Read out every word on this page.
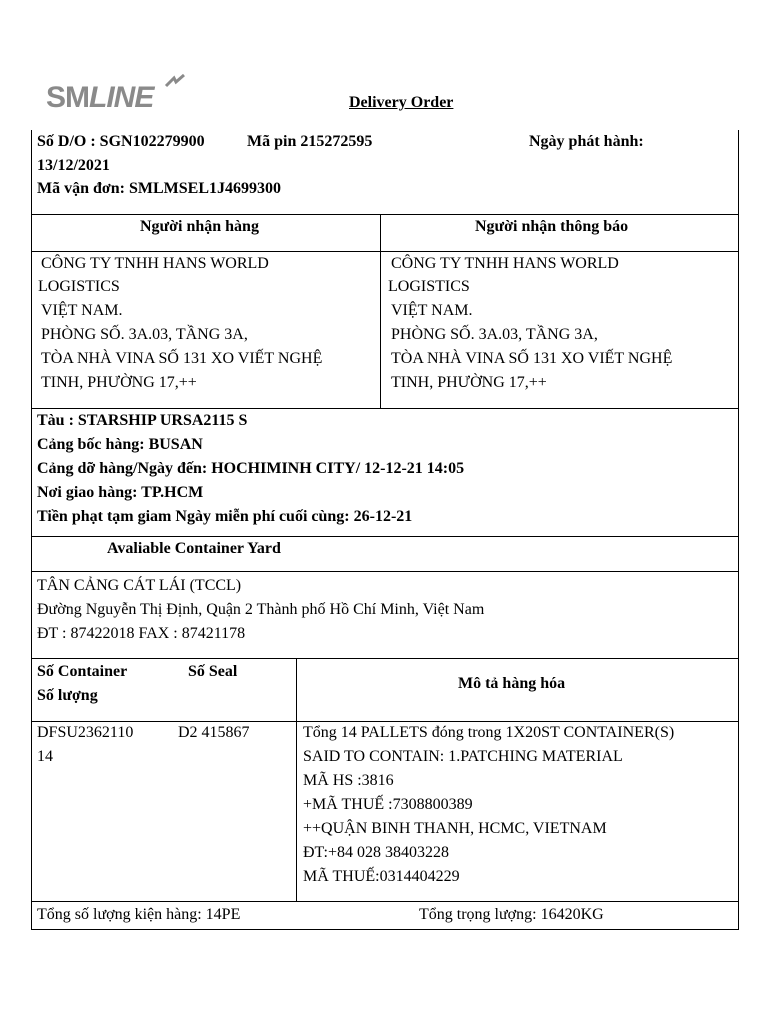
SMLINE	Delivery Order
Số D/O : SGN102279900	Mã pin 215272595	Ngày phát hành:
13/12/2021
Mã vận đơn: SMLMSEL1J4699300
Người nhận hàng	Người nhận thông báo
CÔNG TY TNHH HANS WORLD
LOGISTICS
VIỆT NAM.
PHÒNG SỐ. 3A.03, TẦNG 3A,
TÒA NHÀ VINA SỐ 131 XO VIẾT NGHỆ
TINH, PHƯỜNG 17,++
CÔNG TY TNHH HANS WORLD
LOGISTICS
VIỆT NAM.
PHÒNG SỐ. 3A.03, TẦNG 3A,
TÒA NHÀ VINA SỐ 131 XO VIẾT NGHỆ
TINH, PHƯỜNG 17,++
Tàu : STARSHIP URSA2115 S
Cảng bốc hàng: BUSAN
Cảng dỡ hàng/Ngày đến: HOCHIMINH CITY/ 12-12-21 14:05
Nơi giao hàng: TP.HCM
Tiền phạt tạm giam Ngày miễn phí cuối cùng: 26-12-21
Avaliable Container Yard
TÂN CẢNG CÁT LÁI (TCCL)
Đường Nguyễn Thị Định, Quận 2 Thành phố Hồ Chí Minh, Việt Nam
ĐT : 87422018 FAX : 87421178
Số Container	Số Seal
Số lượng
Mô tả hàng hóa
DFSU2362110	D2 415867
14
Tổng 14 PALLETS đóng trong 1X20ST CONTAINER(S)
SAID TO CONTAIN: 1.PATCHING MATERIAL
MÃ HS :3816
+MÃ THUẾ :7308800389
++QUẬN BINH THANH, HCMC, VIETNAM
ĐT:+84 028 38403228
MÃ THUẾ:0314404229
Tổng số lượng kiện hàng: 14PE	Tổng trọng lượng: 16420KG
